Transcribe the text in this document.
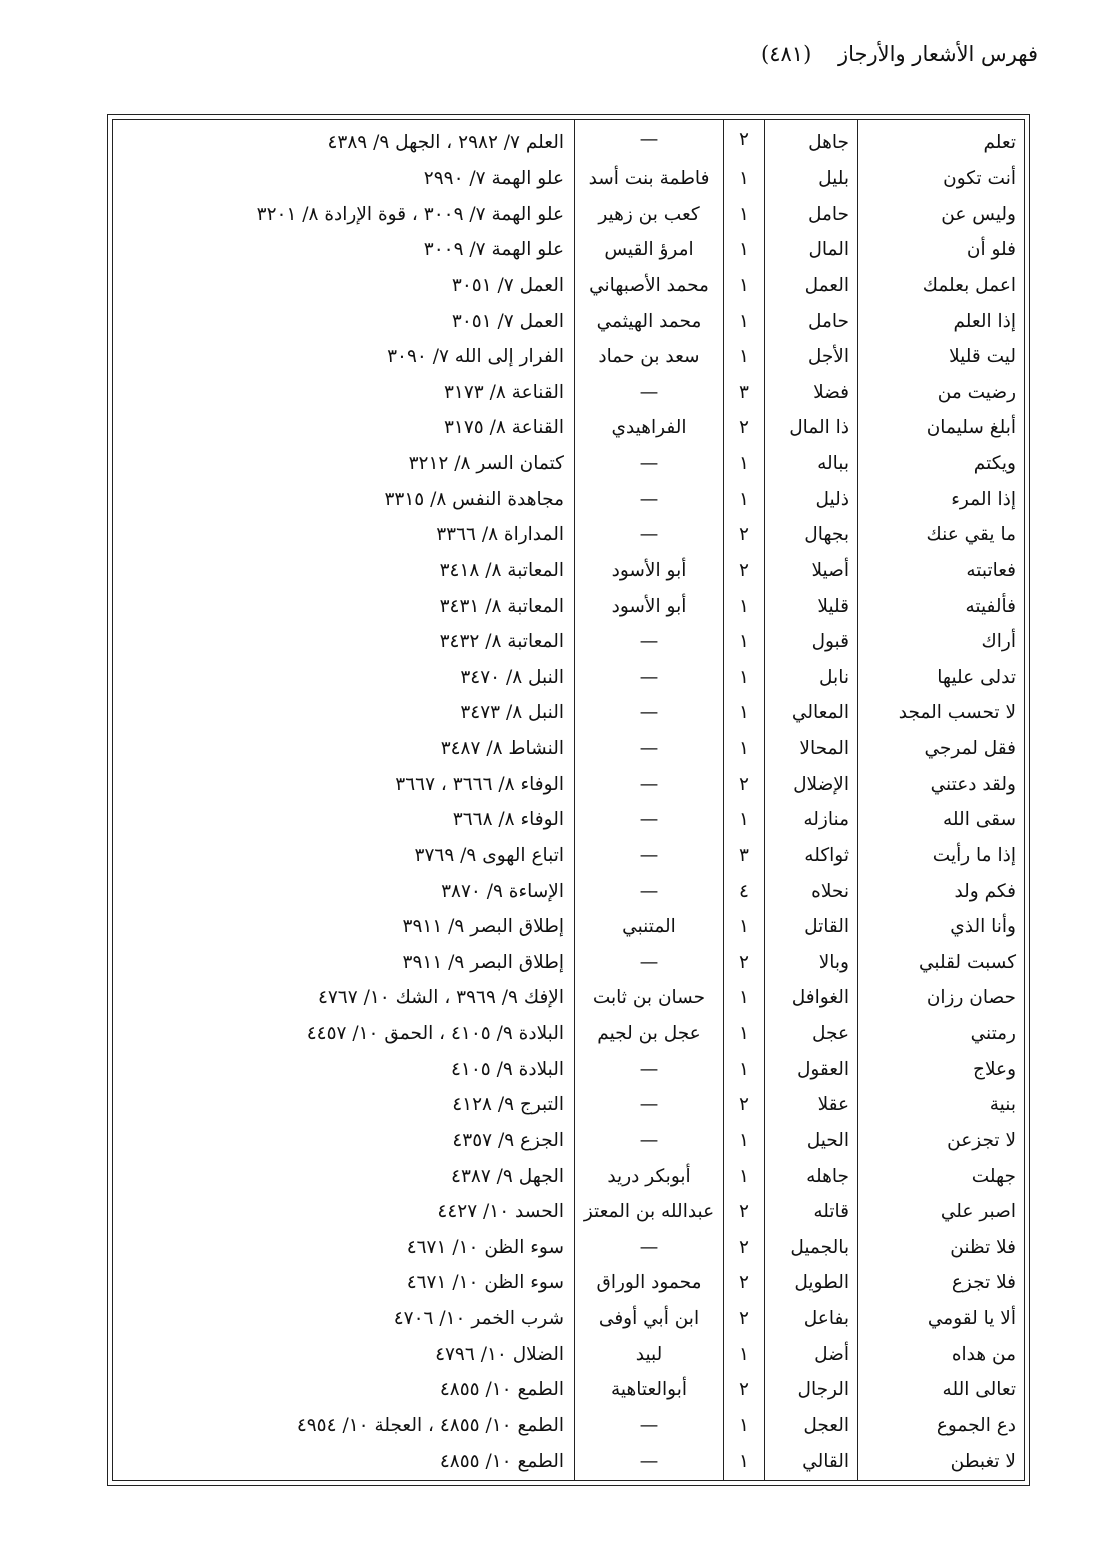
فهرس الأشعار والأرجاز    (٤٨١)
تعلم	جاهل	٢	—	العلم ٧/ ٢٩٨٢ ، الجهل ٩/ ٤٣٨٩
أنت تكون	بليل	١	فاطمة بنت أسد	علو الهمة ٧/ ٢٩٩٠
وليس عن	حامل	١	كعب بن زهير	علو الهمة ٧/ ٣٠٠٩ ، قوة الإرادة ٨/ ٣٢٠١
فلو أن	المال	١	امرؤ القيس	علو الهمة ٧/ ٣٠٠٩
اعمل بعلمك	العمل	١	محمد الأصبهاني	العمل ٧/ ٣٠٥١
إذا العلم	حامل	١	محمد الهيثمي	العمل ٧/ ٣٠٥١
ليت قليلا	الأجل	١	سعد بن حماد	الفرار إلى الله ٧/ ٣٠٩٠
رضيت من	فضلا	٣	—	القناعة ٨/ ٣١٧٣
أبلغ سليمان	ذا المال	٢	الفراهيدي	القناعة ٨/ ٣١٧٥
ويكتم	بباله	١	—	كتمان السر ٨/ ٣٢١٢
إذا المرء	ذليل	١	—	مجاهدة النفس ٨/ ٣٣١٥
ما يقي عنك	بجهال	٢	—	المداراة ٨/ ٣٣٦٦
فعاتبته	أصيلا	٢	أبو الأسود	المعاتبة ٨/ ٣٤١٨
فألفيته	قليلا	١	أبو الأسود	المعاتبة ٨/ ٣٤٣١
أراك	قبول	١	—	المعاتبة ٨/ ٣٤٣٢
تدلى عليها	نابل	١	—	النبل ٨/ ٣٤٧٠
لا تحسب المجد	المعالي	١	—	النبل ٨/ ٣٤٧٣
فقل لمرجي	المحالا	١	—	النشاط ٨/ ٣٤٨٧
ولقد دعتني	الإضلال	٢	—	الوفاء ٨/ ٣٦٦٦ ، ٣٦٦٧
سقى الله	منازله	١	—	الوفاء ٨/ ٣٦٦٨
إذا ما رأيت	ثواكله	٣	—	اتباع الهوى ٩/ ٣٧٦٩
فكم ولد	نحلاه	٤	—	الإساءة ٩/ ٣٨٧٠
وأنا الذي	القاتل	١	المتنبي	إطلاق البصر ٩/ ٣٩١١
كسبت لقلبي	وبالا	٢	—	إطلاق البصر ٩/ ٣٩١١
حصان رزان	الغوافل	١	حسان بن ثابت	الإفك ٩/ ٣٩٦٩ ، الشك ١٠/ ٤٧٦٧
رمتني	عجل	١	عجل بن لجيم	البلادة ٩/ ٤١٠٥ ، الحمق ١٠/ ٤٤٥٧
وعلاج	العقول	١	—	البلادة ٩/ ٤١٠٥
بنية	عقلا	٢	—	التبرج ٩/ ٤١٢٨
لا تجزعن	الحيل	١	—	الجزع ٩/ ٤٣٥٧
جهلت	جاهله	١	أبوبكر دريد	الجهل ٩/ ٤٣٨٧
اصبر علي	قاتله	٢	عبدالله بن المعتز	الحسد ١٠/ ٤٤٢٧
فلا تظنن	بالجميل	٢	—	سوء الظن ١٠/ ٤٦٧١
فلا تجزع	الطويل	٢	محمود الوراق	سوء الظن ١٠/ ٤٦٧١
ألا يا لقومي	بفاعل	٢	ابن أبي أوفى	شرب الخمر ١٠/ ٤٧٠٦
من هداه	أضل	١	لبيد	الضلال ١٠/ ٤٧٩٦
تعالى الله	الرجال	٢	أبوالعتاهية	الطمع ١٠/ ٤٨٥٥
دع الجموع	العجل	١	—	الطمع ١٠/ ٤٨٥٥ ، العجلة ١٠/ ٤٩٥٤
لا تغبطن	القالي	١	—	الطمع ١٠/ ٤٨٥٥
